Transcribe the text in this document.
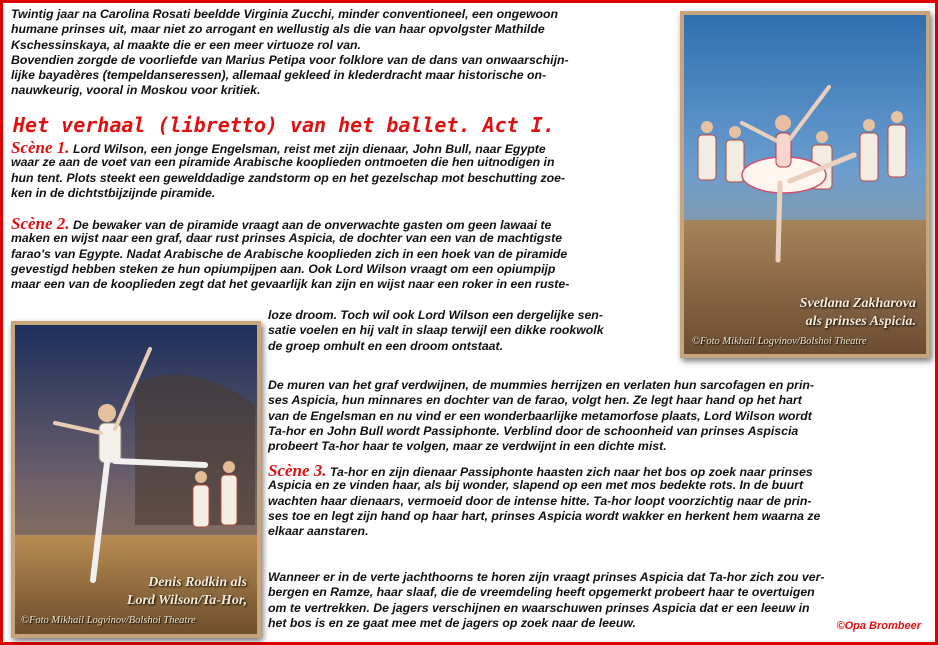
Twintig jaar na Carolina Rosati beeldde Virginia Zucchi, minder conventioneel, een ongewoon
humane prinses uit, maar niet zo arrogant en wellustig als die van haar opvolgster Mathilde
Kschessinskaya, al maakte die er een meer virtuoze rol van.
Bovendien zorgde de voorliefde van Marius Petipa voor folklore van de dans van onwaarschijn-
lijke bayadères (tempeldanseressen), allemaal gekleed in klederdracht maar historische on-
nauwkeurig, vooral in Moskou voor kritiek.
Het verhaal (libretto) van het ballet. Act I.
Scène 1. Lord Wilson, een jonge Engelsman, reist met zijn dienaar, John Bull, naar Egypte
waar ze aan de voet van een piramide Arabische kooplieden ontmoeten die hen uitnodigen in
hun tent. Plots steekt een gewelddadige zandstorm op en het gezelschap mot beschutting zoe-
ken in de dichtstbijzijnde piramide.
Scène 2. De bewaker van de piramide vraagt aan de onverwachte gasten om geen lawaai te
maken en wijst naar een graf, daar rust prinses Aspicia, de dochter van een van de machtigste
farao's van Egypte. Nadat Arabische de Arabische kooplieden zich in een hoek van de piramide
gevestigd hebben steken ze hun opiumpijpen aan. Ook Lord Wilson vraagt om een opiumpijp
maar een van de kooplieden zegt dat het gevaarlijk kan zijn en wijst naar een roker in een ruste-
loze droom. Toch wil ook Lord Wilson een dergelijke sen-
satie voelen en hij valt in slaap terwijl een dikke rookwolk
de groep omhult en een droom ontstaat.
De muren van het graf verdwijnen, de mummies herrijzen en verlaten hun sarcofagen en prin-
ses Aspicia, hun minnares en dochter van de farao, volgt hen. Ze legt haar hand op het hart
van de Engelsman en nu vind er een wonderbaarlijke metamorfose plaats, Lord Wilson wordt
Ta-hor en John Bull wordt Passiphonte. Verblind door de schoonheid van prinses Aspiscia
probeert Ta-hor haar te volgen, maar ze verdwijnt in een dichte mist.
Scène 3. Ta-hor en zijn dienaar Passiphonte haasten zich naar het bos op zoek naar prinses
Aspicia en ze vinden haar, als bij wonder, slapend op een met mos bedekte rots. In de buurt
wachten haar dienaars, vermoeid door de intense hitte. Ta-hor loopt voorzichtig naar de prin-
ses toe en legt zijn hand op haar hart, prinses Aspicia wordt wakker en herkent hem waarna ze
elkaar aanstaren.
Wanneer er in de verte jachthoorns te horen zijn vraagt prinses Aspicia dat Ta-hor zich zou ver-
bergen en Ramze, haar slaaf, die de vreemdeling heeft opgemerkt probeert haar te overtuigen
om te vertrekken. De jagers verschijnen en waarschuwen prinses Aspicia dat er een leeuw in
het bos is en ze gaat mee met de jagers op zoek naar de leeuw.	©Opa Brombeer
Svetlana Zakharova
als prinses Aspicia.
©Foto Mikhail Logvinov/Bolshoi Theatre
Denis Rodkin als
Lord Wilson/Ta-Hor,
©Foto Mikhail Logvinov/Bolshoi Theatre
